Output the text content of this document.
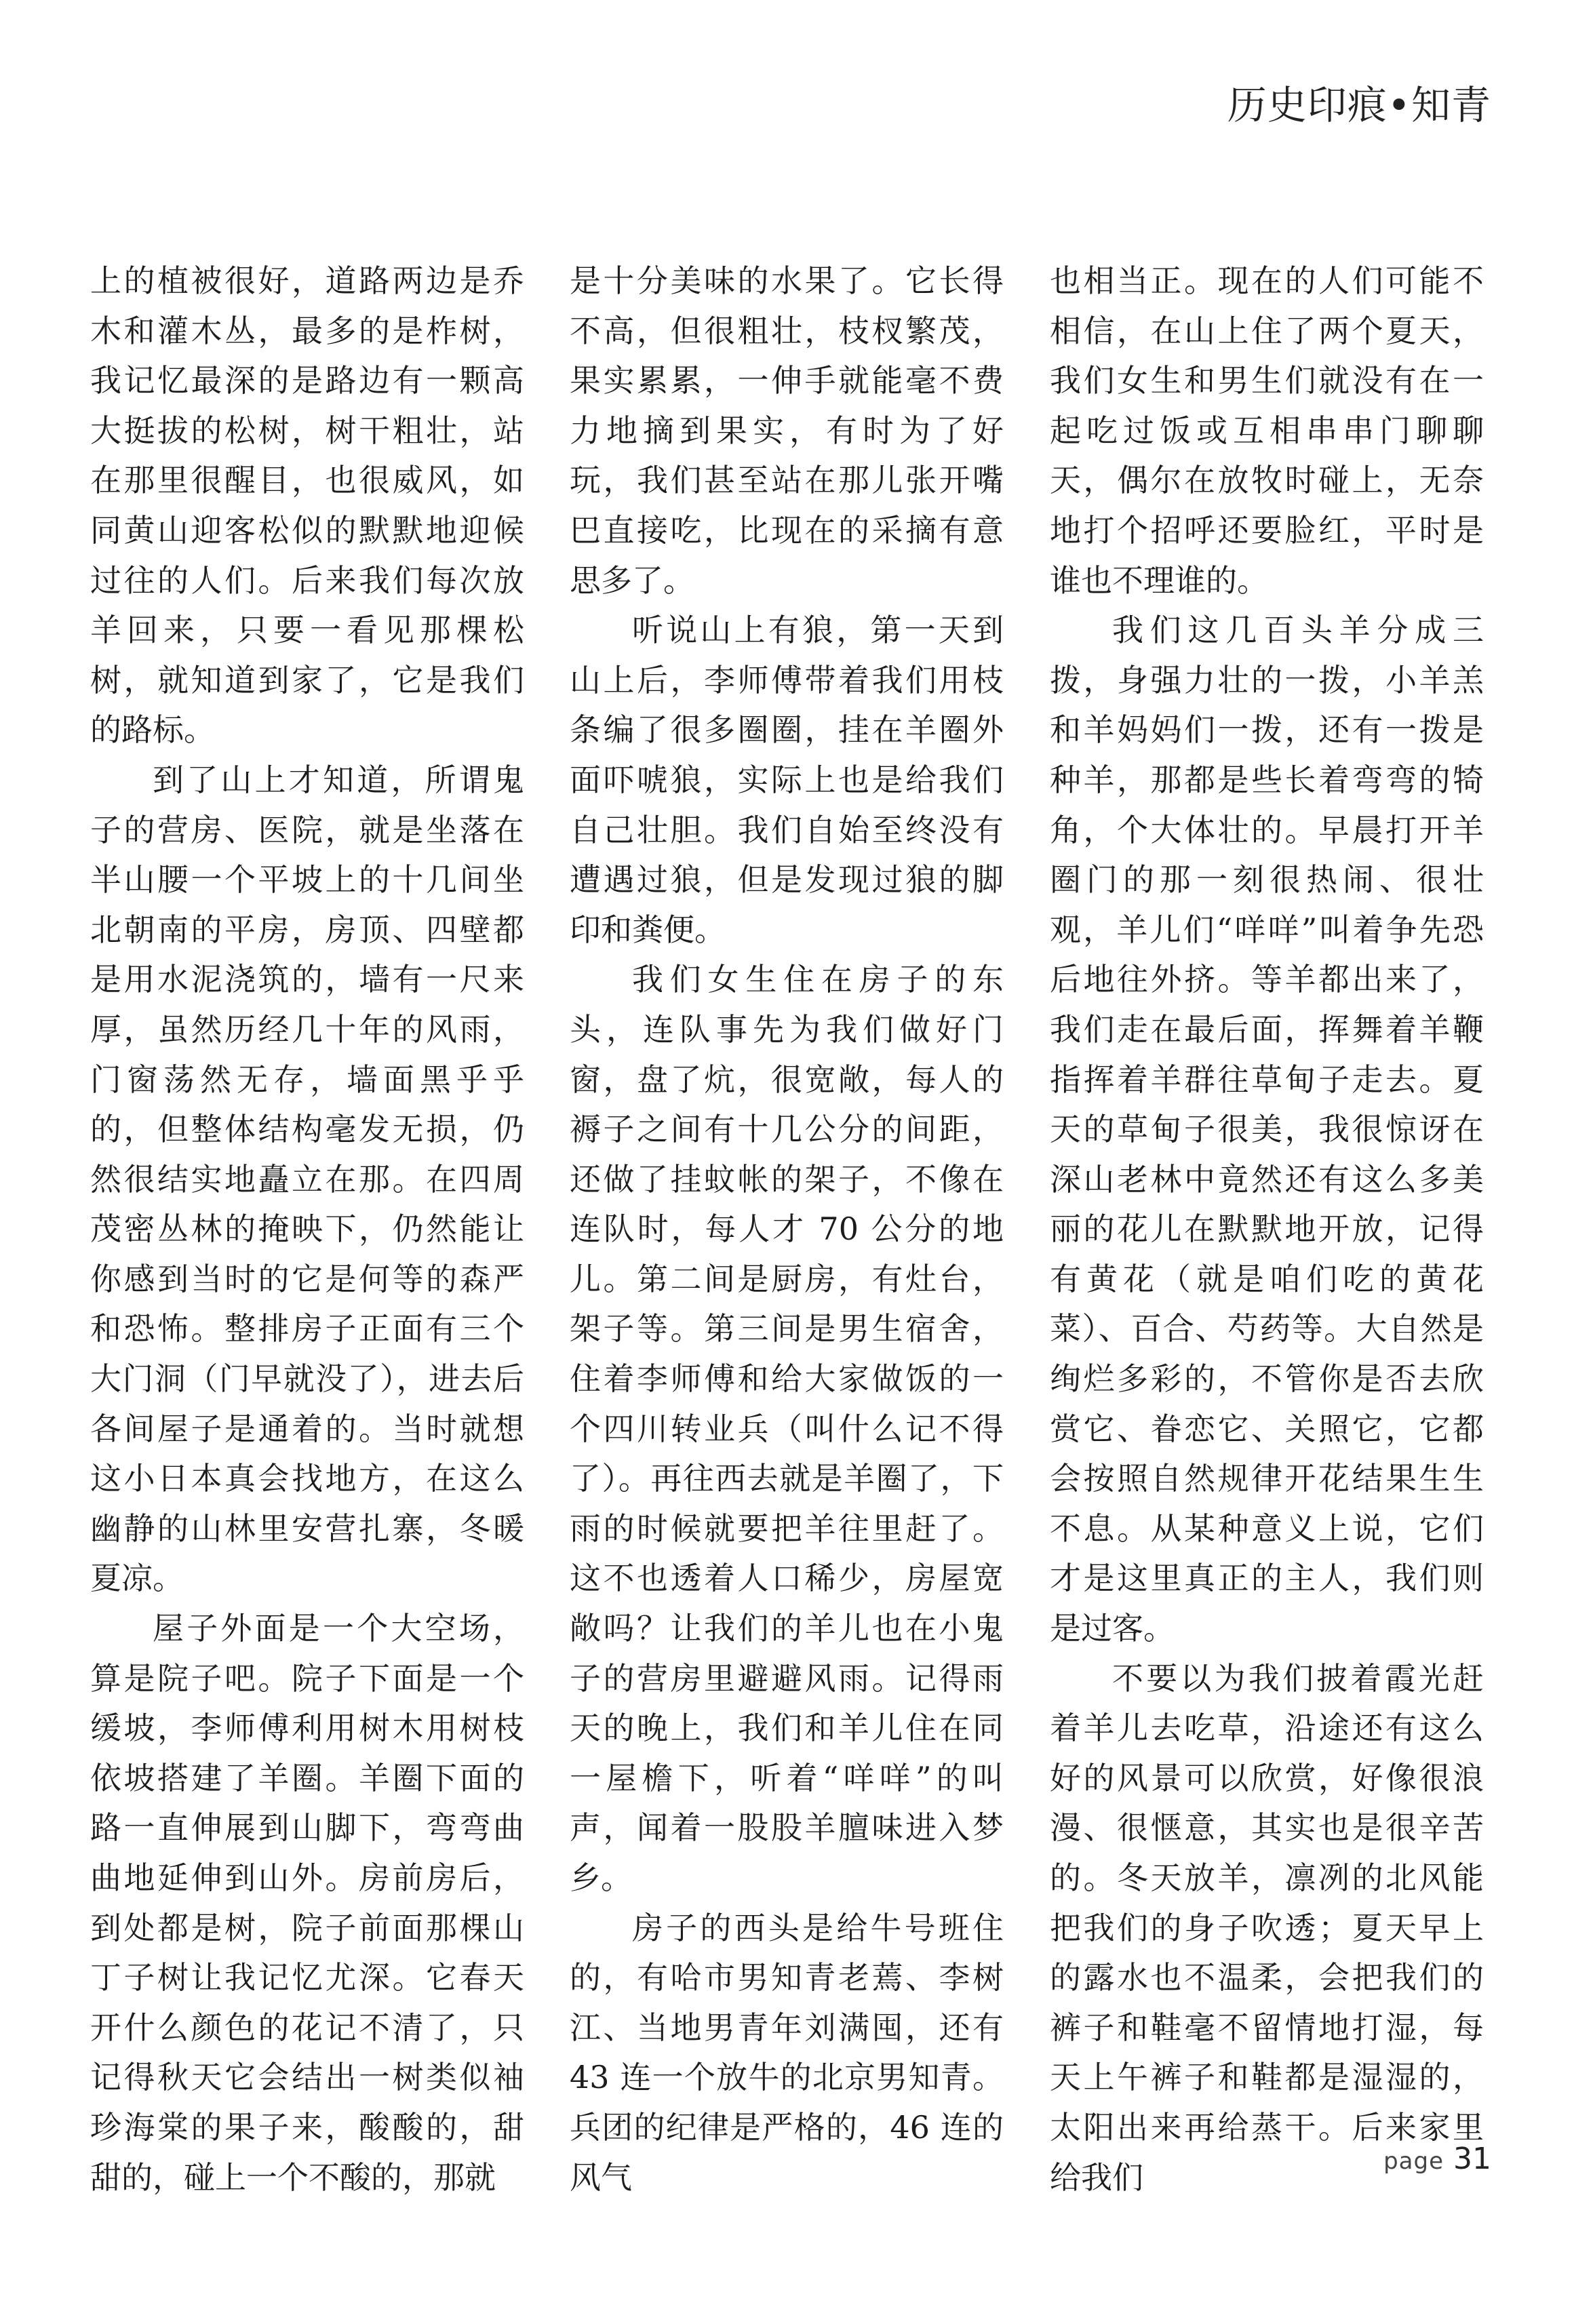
历史印痕•知青

上的植被很好，道路两边是乔木和灌木丛，最多的是柞树，我记忆最深的是路边有一颗高大挺拔的松树，树干粗壮，站在那里很醒目，也很威风，如同黄山迎客松似的默默地迎候过往的人们。后来我们每次放羊回来，只要一看见那棵松树，就知道到家了，它是我们的路标。

到了山上才知道，所谓鬼子的营房、医院，就是坐落在半山腰一个平坡上的十几间坐北朝南的平房，房顶、四壁都是用水泥浇筑的，墙有一尺来厚，虽然历经几十年的风雨，门窗荡然无存，墙面黑乎乎的，但整体结构毫发无损，仍然很结实地矗立在那。在四周茂密丛林的掩映下，仍然能让你感到当时的它是何等的森严和恐怖。整排房子正面有三个大门洞（门早就没了），进去后各间屋子是通着的。当时就想这小日本真会找地方，在这么幽静的山林里安营扎寨，冬暖夏凉。

屋子外面是一个大空场，算是院子吧。院子下面是一个缓坡，李师傅利用树木用树枝依坡搭建了羊圈。羊圈下面的路一直伸展到山脚下，弯弯曲曲地延伸到山外。房前房后，到处都是树，院子前面那棵山丁子树让我记忆尤深。它春天开什么颜色的花记不清了，只记得秋天它会结出一树类似袖珍海棠的果子来，酸酸的，甜甜的，碰上一个不酸的，那就

是十分美味的水果了。它长得不高，但很粗壮，枝杈繁茂，果实累累，一伸手就能毫不费力地摘到果实，有时为了好玩，我们甚至站在那儿张开嘴巴直接吃，比现在的采摘有意思多了。

听说山上有狼，第一天到山上后，李师傅带着我们用枝条编了很多圈圈，挂在羊圈外面吓唬狼，实际上也是给我们自己壮胆。我们自始至终没有遭遇过狼，但是发现过狼的脚印和粪便。

我们女生住在房子的东头，连队事先为我们做好门窗，盘了炕，很宽敞，每人的褥子之间有十几公分的间距，还做了挂蚊帐的架子，不像在连队时，每人才 70 公分的地儿。第二间是厨房，有灶台，架子等。第三间是男生宿舍，住着李师傅和给大家做饭的一个四川转业兵（叫什么记不得了）。再往西去就是羊圈了，下雨的时候就要把羊往里赶了。这不也透着人口稀少，房屋宽敞吗？让我们的羊儿也在小鬼子的营房里避避风雨。记得雨天的晚上，我们和羊儿住在同一屋檐下，听着“咩咩”的叫声，闻着一股股羊膻味进入梦乡。

房子的西头是给牛号班住的，有哈市男知青老蔫、李树江、当地男青年刘满囤，还有 43 连一个放牛的北京男知青。兵团的纪律是严格的，46 连的风气

也相当正。现在的人们可能不相信，在山上住了两个夏天，我们女生和男生们就没有在一起吃过饭或互相串串门聊聊天，偶尔在放牧时碰上，无奈地打个招呼还要脸红，平时是谁也不理谁的。

我们这几百头羊分成三拨，身强力壮的一拨，小羊羔和羊妈妈们一拨，还有一拨是种羊，那都是些长着弯弯的犄角，个大体壮的。早晨打开羊圈门的那一刻很热闹、很壮观，羊儿们“咩咩”叫着争先恐后地往外挤。等羊都出来了，我们走在最后面，挥舞着羊鞭指挥着羊群往草甸子走去。夏天的草甸子很美，我很惊讶在深山老林中竟然还有这么多美丽的花儿在默默地开放，记得有黄花（就是咱们吃的黄花菜）、百合、芍药等。大自然是绚烂多彩的，不管你是否去欣赏它、眷恋它、关照它，它都会按照自然规律开花结果生生不息。从某种意义上说，它们才是这里真正的主人，我们则是过客。

不要以为我们披着霞光赶着羊儿去吃草，沿途还有这么好的风景可以欣赏，好像很浪漫、很惬意，其实也是很辛苦的。冬天放羊，凛冽的北风能把我们的身子吹透；夏天早上的露水也不温柔，会把我们的裤子和鞋毫不留情地打湿，每天上午裤子和鞋都是湿湿的，太阳出来再给蒸干。后来家里给我们	page 31
